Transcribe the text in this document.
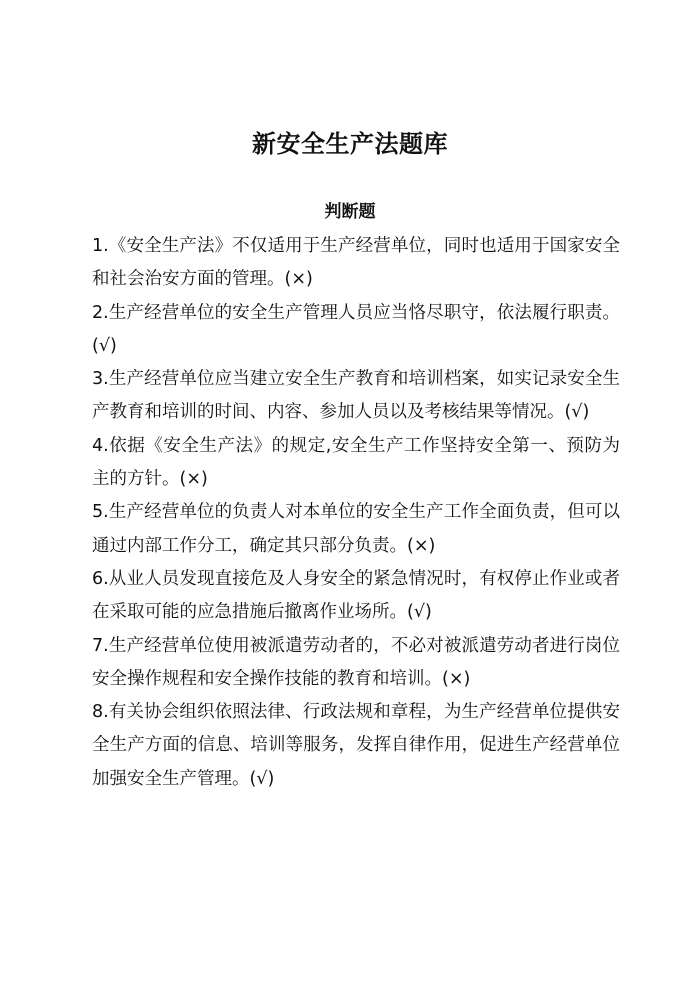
新安全生产法题库
判断题

1.《安全生产法》不仅适用于生产经营单位，同时也适用于国家安全和社会治安方面的管理。(×)

2.生产经营单位的安全生产管理人员应当恪尽职守，依法履行职责。(√)

3.生产经营单位应当建立安全生产教育和培训档案，如实记录安全生产教育和培训的时间、内容、参加人员以及考核结果等情况。(√)

4.依据《安全生产法》的规定,安全生产工作坚持安全第一、预防为主的方针。(×)

5.生产经营单位的负责人对本单位的安全生产工作全面负责，但可以通过内部工作分工，确定其只部分负责。(×)

6.从业人员发现直接危及人身安全的紧急情况时，有权停止作业或者在采取可能的应急措施后撤离作业场所。(√)

7.生产经营单位使用被派遣劳动者的，不必对被派遣劳动者进行岗位安全操作规程和安全操作技能的教育和培训。(×)

8.有关协会组织依照法律、行政法规和章程，为生产经营单位提供安全生产方面的信息、培训等服务，发挥自律作用，促进生产经营单位加强安全生产管理。(√)
